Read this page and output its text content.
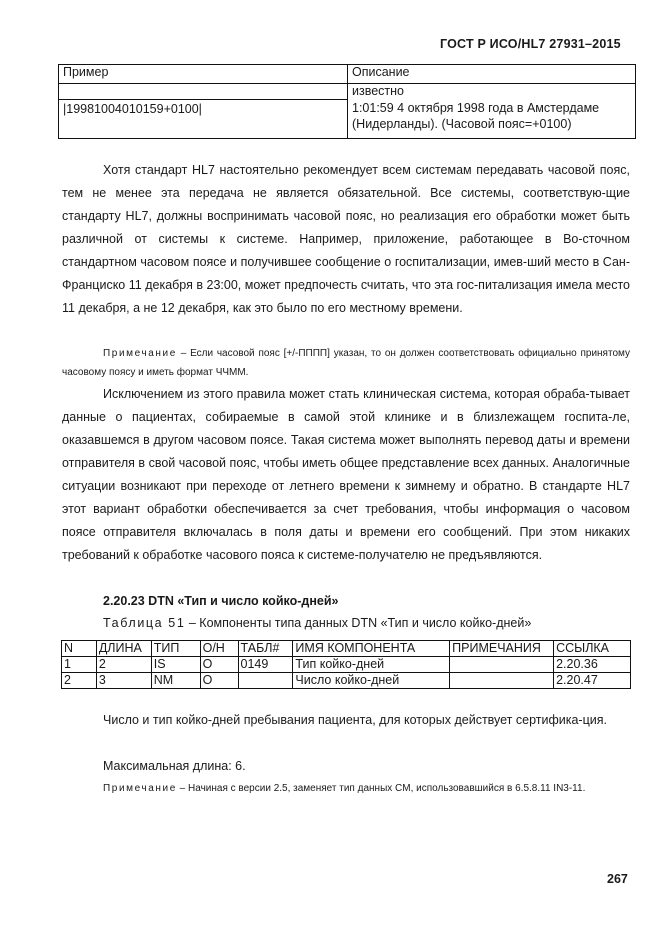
ГОСТ Р ИСО/HL7 27931–2015
Пример	Описание
	известно
|19981004010159+0100|	1:01:59 4 октября 1998 года в Амстердаме (Нидерланды). (Часовой пояс=+0100)

Хотя стандарт HL7 настоятельно рекомендует всем системам передавать часовой пояс, тем не менее эта передача не является обязательной. Все системы, соответствую-щие стандарту HL7, должны воспринимать часовой пояс, но реализация его обработки может быть различной от системы к системе. Например, приложение, работающее в Во-сточном стандартном часовом поясе и получившее сообщение о госпитализации, имев-ший место в Сан-Франциско 11 декабря в 23:00, может предпочесть считать, что эта гос-питализация имела место 11 декабря, а не 12 декабря, как это было по его местному времени.

Примечание – Если часовой пояс [+/-ПППП] указан, то он должен соответствовать официально принятому часовому поясу и иметь формат ЧЧММ.

Исключением из этого правила может стать клиническая система, которая обраба-тывает данные о пациентах, собираемые в самой этой клинике и в близлежащем госпита-ле, оказавшемся в другом часовом поясе. Такая система может выполнять перевод даты и времени отправителя в свой часовой пояс, чтобы иметь общее представление всех данных. Аналогичные ситуации возникают при переходе от летнего времени к зимнему и обратно. В стандарте HL7 этот вариант обработки обеспечивается за счет требования, чтобы информация о часовом поясе отправителя включалась в поля даты и времени его сообщений. При этом никаких требований к обработке часового пояса к системе-получателю не предъявляются.

2.20.23 DTN «Тип и число койко-дней»
Таблица 51 – Компоненты типа данных DTN «Тип и число койко-дней»
N	ДЛИНА	ТИП	О/Н	ТАБЛ#	ИМЯ КОМПОНЕНТА	ПРИМЕЧАНИЯ	ССЫЛКА
1	2	IS	О	0149	Тип койко-дней		2.20.36
2	3	NM	О		Число койко-дней		2.20.47

Число и тип койко-дней пребывания пациента, для которых действует сертифика-ция.

Максимальная длина: 6.

Примечание – Начиная с версии 2.5, заменяет тип данных CM, использовавшийся в 6.5.8.11 IN3-11.

267
